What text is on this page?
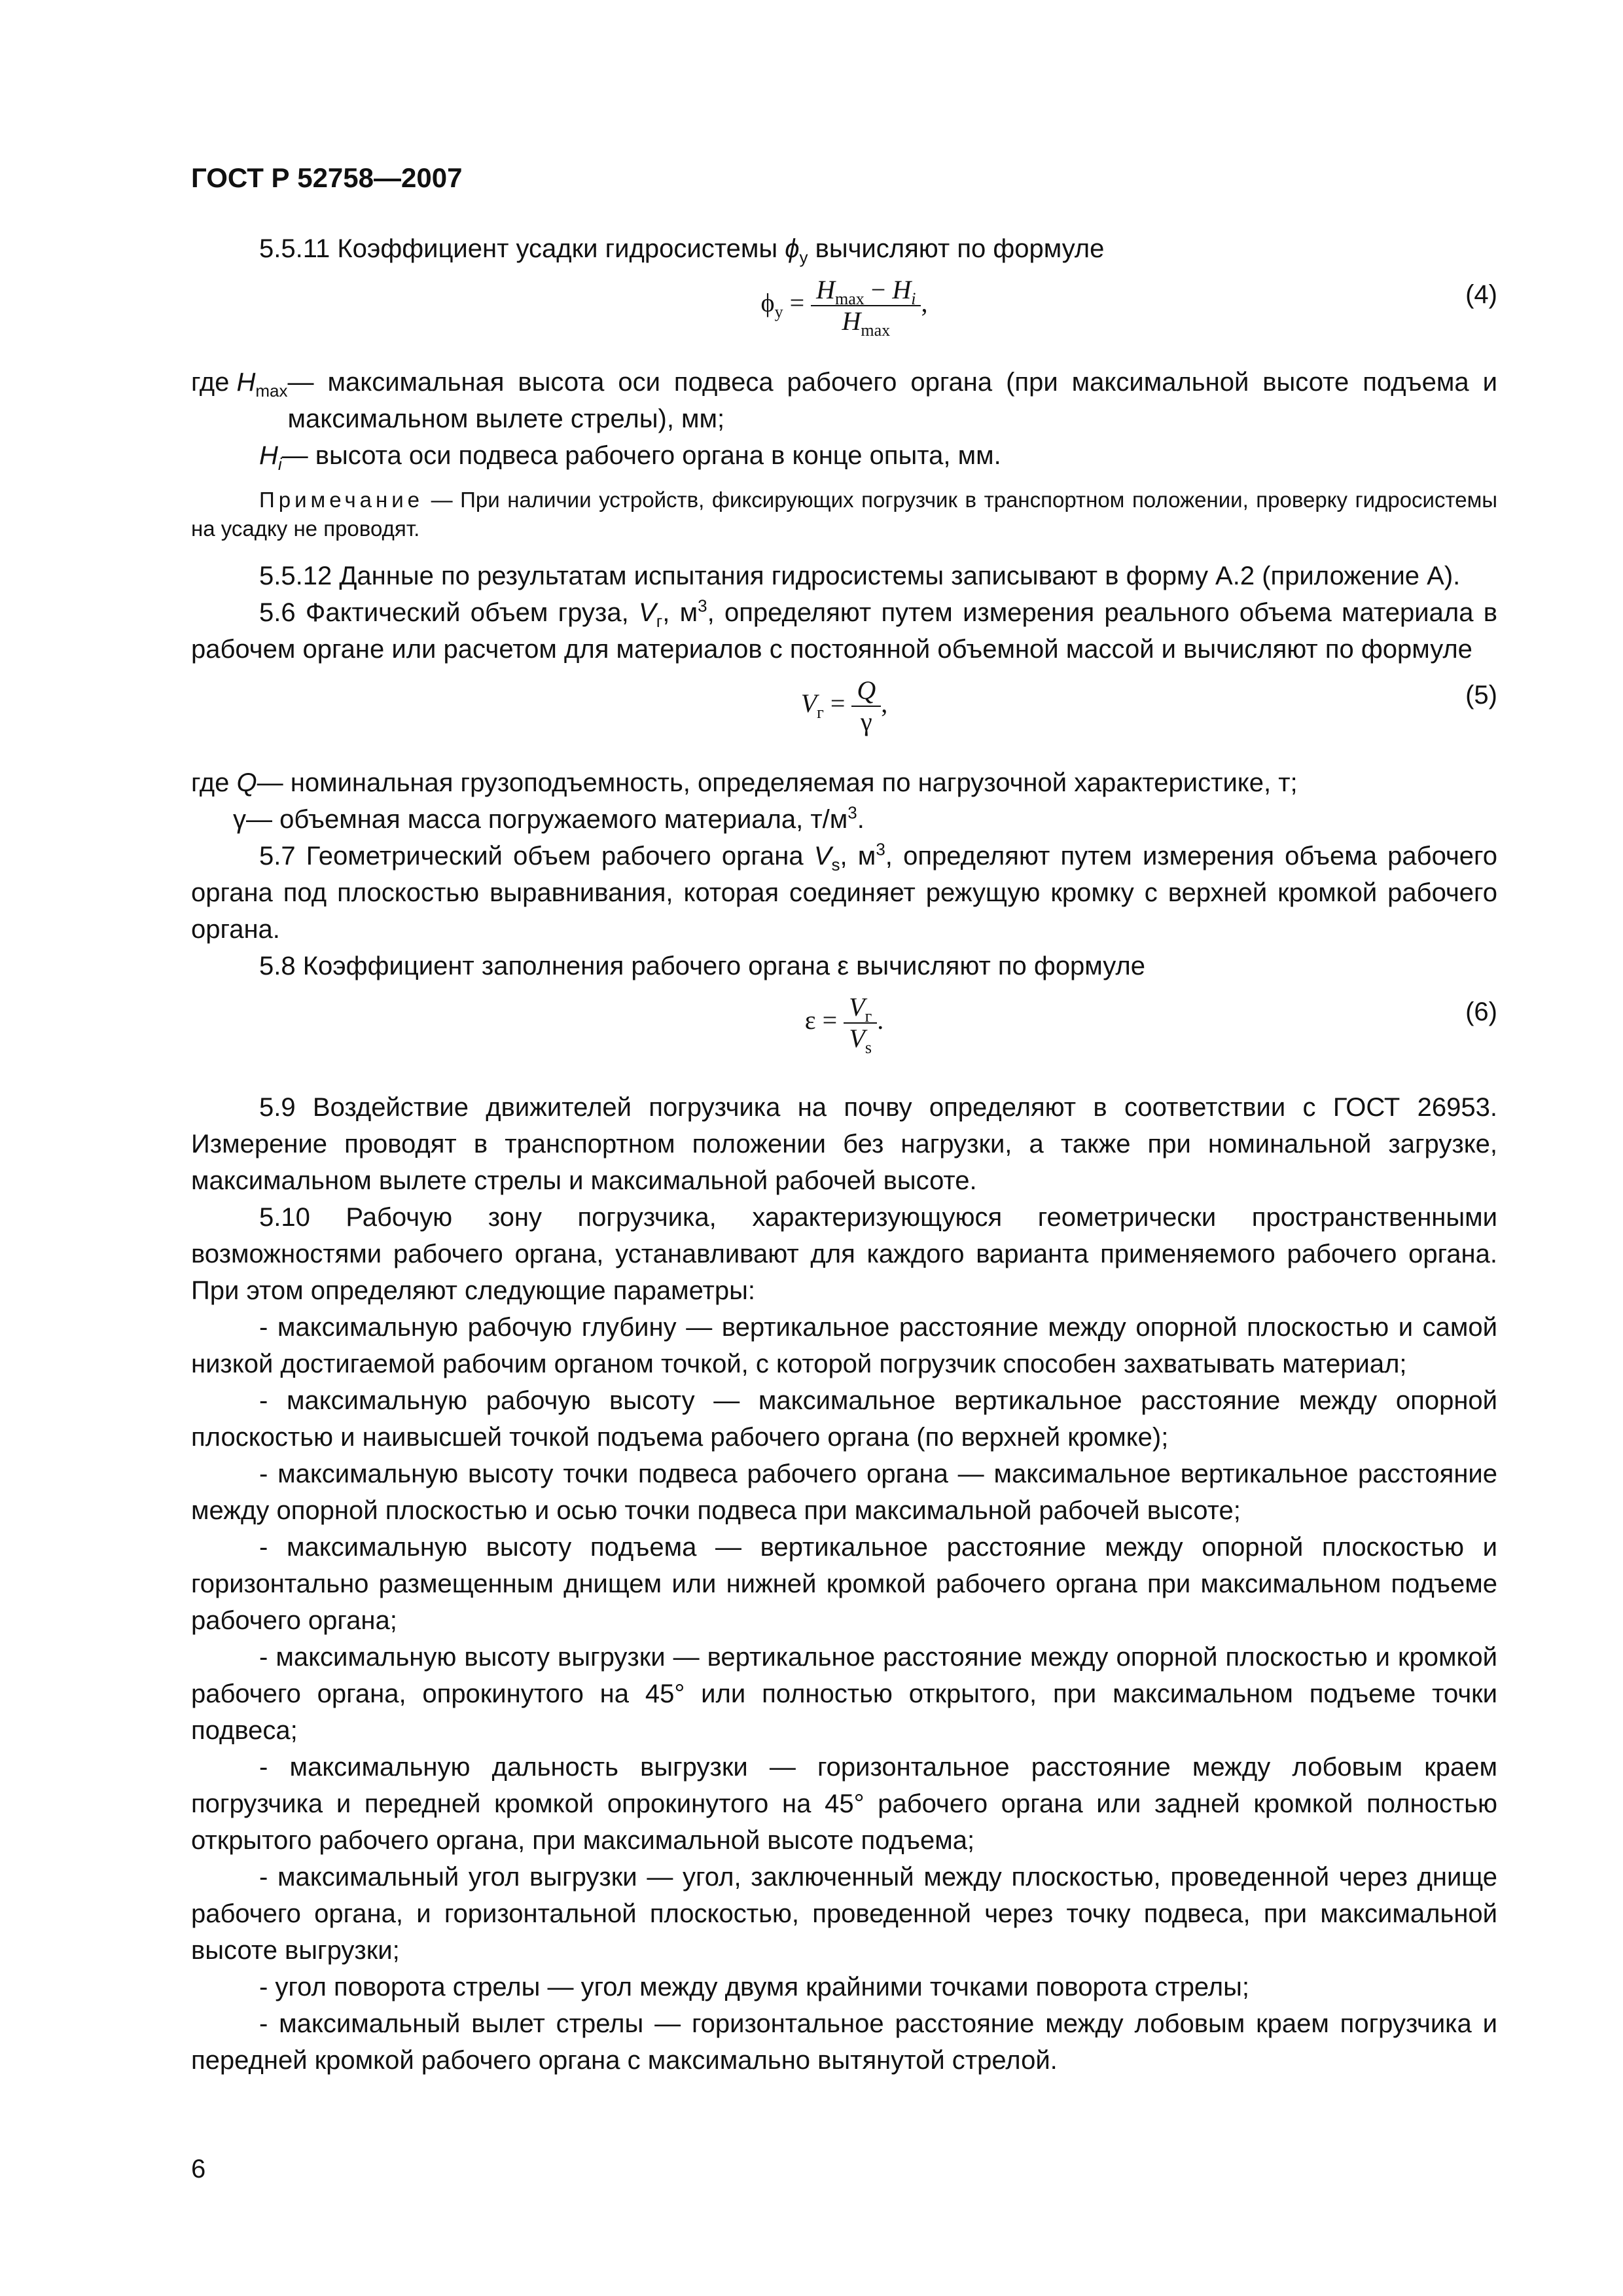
ГОСТ Р 52758—2007

5.5.11 Коэффициент усадки гидросистемы $\phi_у$ вычисляют по формуле

$\phi_у = \frac{H_{max} - H_i}{H_{max}}$ ,	(4)
где $H_{max}$ — максимальная высота оси подвеса рабочего органа (при максимальной высоте подъема и максимальном вылете стрелы), мм;
$H_i$ — высота оси подвеса рабочего органа в конце опыта, мм.

Примечание — При наличии устройств, фиксирующих погрузчик в транспортном положении, проверку гидросистемы на усадку не проводят.

5.5.12 Данные по результатам испытания гидросистемы записывают в форму А.2 (приложение А).

5.6 Фактический объем груза, $V_г$, $м^3$, определяют путем измерения реального объема материала в рабочем органе или расчетом для материалов с постоянной объемной массой и вычисляют по формуле

$V_г = \frac{Q}{\gamma}$ ,	(5)
где Q — номинальная грузоподъемность, определяемая по нагрузочной характеристике, т;
γ — объемная масса погружаемого материала, $т/м^3$.

5.7 Геометрический объем рабочего органа $V_s$, $м^3$, определяют путем измерения объема рабочего органа под плоскостью выравнивания, которая соединяет режущую кромку с верхней кромкой рабочего органа.

5.8 Коэффициент заполнения рабочего органа ε вычисляют по формуле

$\varepsilon = \frac{V_г}{V_s}$ .	(6)

5.9 Воздействие движителей погрузчика на почву определяют в соответствии с ГОСТ 26953. Измерение проводят в транспортном положении без нагрузки, а также при номинальной загрузке, максимальном вылете стрелы и максимальной рабочей высоте.

5.10 Рабочую зону погрузчика, характеризующуюся геометрически пространственными возможностями рабочего органа, устанавливают для каждого варианта применяемого рабочего органа. При этом определяют следующие параметры:

- максимальную рабочую глубину — вертикальное расстояние между опорной плоскостью и самой низкой достигаемой рабочим органом точкой, с которой погрузчик способен захватывать материал;

- максимальную рабочую высоту — максимальное вертикальное расстояние между опорной плоскостью и наивысшей точкой подъема рабочего органа (по верхней кромке);

- максимальную высоту точки подвеса рабочего органа — максимальное вертикальное расстояние между опорной плоскостью и осью точки подвеса при максимальной рабочей высоте;

- максимальную высоту подъема — вертикальное расстояние между опорной плоскостью и горизонтально размещенным днищем или нижней кромкой рабочего органа при максимальном подъеме рабочего органа;

- максимальную высоту выгрузки — вертикальное расстояние между опорной плоскостью и кромкой рабочего органа, опрокинутого на 45° или полностью открытого, при максимальном подъеме точки подвеса;

- максимальную дальность выгрузки — горизонтальное расстояние между лобовым краем погрузчика и передней кромкой опрокинутого на 45° рабочего органа или задней кромкой полностью открытого рабочего органа, при максимальной высоте подъема;

- максимальный угол выгрузки — угол, заключенный между плоскостью, проведенной через днище рабочего органа, и горизонтальной плоскостью, проведенной через точку подвеса, при максимальной высоте выгрузки;

- угол поворота стрелы — угол между двумя крайними точками поворота стрелы;

- максимальный вылет стрелы — горизонтальное расстояние между лобовым краем погрузчика и передней кромкой рабочего органа с максимально вытянутой стрелой.

6
